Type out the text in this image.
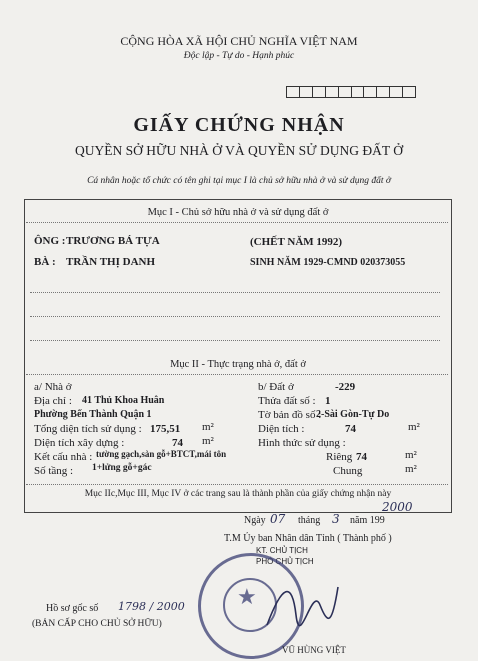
CỘNG HÒA XÃ HỘI CHỦ NGHĨA VIỆT NAM
Độc lập - Tự do - Hạnh phúc
GIẤY CHỨNG NHẬN
QUYỀN SỞ HỮU NHÀ Ở VÀ QUYỀN SỬ DỤNG ĐẤT Ở
Cá nhân hoặc tổ chức có tên ghi tại mục I là chủ sở hữu nhà ở và sử dụng đất ở
Mục I - Chủ sở hữu nhà ở và sử dụng đất ở
ÔNG : TRƯƠNG BÁ TỰA	(CHẾT NĂM 1992)
BÀ : TRẦN THỊ DANH	SINH NĂM 1929-CMND 020373055
Mục II - Thực trạng nhà ở, đất ở
a/ Nhà ở
Địa chỉ : 41 Thủ Khoa Huân
Phường Bến Thành Quận 1
Tổng diện tích sử dụng : 175,51 m²
Diện tích xây dựng :	74 m²
Kết cấu nhà : tường gạch,sàn gỗ+BTCT,mái tôn
Số tầng : 1+lửng gỗ+gác
b/ Đất ở	-229
Thửa đất số : 1
Tờ bản đồ số :
2-Sài Gòn-Tự Do
Diện tích :	74	m²
Hình thức sử dụng :
Riêng 74	m²
Chung	m²
Mục IIc,Mục III, Mục IV ở các trang sau là thành phần của giấy chứng nhận này
2000
Ngày 07 tháng 3 năm 199
T.M Ủy ban Nhân dân Tỉnh ( Thành phố )
KT. CHỦ TỊCH
PHÓ CHỦ TỊCH
★
VŨ HÙNG VIỆT
Hồ sơ gốc số 1798 / 2000
(BẢN CẤP CHO CHỦ SỞ HỮU)
